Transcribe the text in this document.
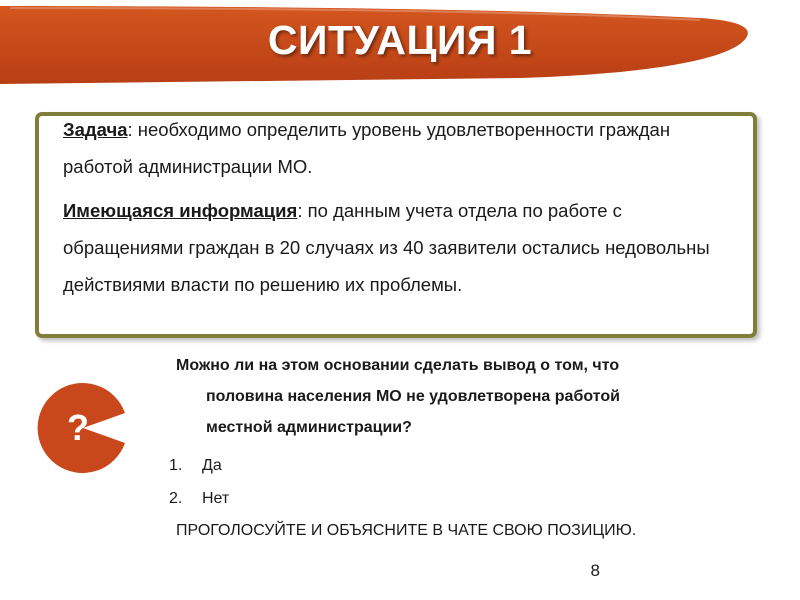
СИТУАЦИЯ 1
Задача: необходимо определить уровень удовлетворенности граждан работой администрации МО.
Имеющаяся информация: по данным учета отдела по работе с обращениями граждан в 20 случаях из 40 заявители остались недовольны действиями власти по решению их проблемы.
?
Можно ли на этом основании сделать вывод о том, что
половина населения МО не удовлетворена работой
местной администрации?
1. Да
2. Нет
ПРОГОЛОСУЙТЕ И ОБЪЯСНИТЕ В ЧАТЕ СВОЮ ПОЗИЦИЮ.
8
